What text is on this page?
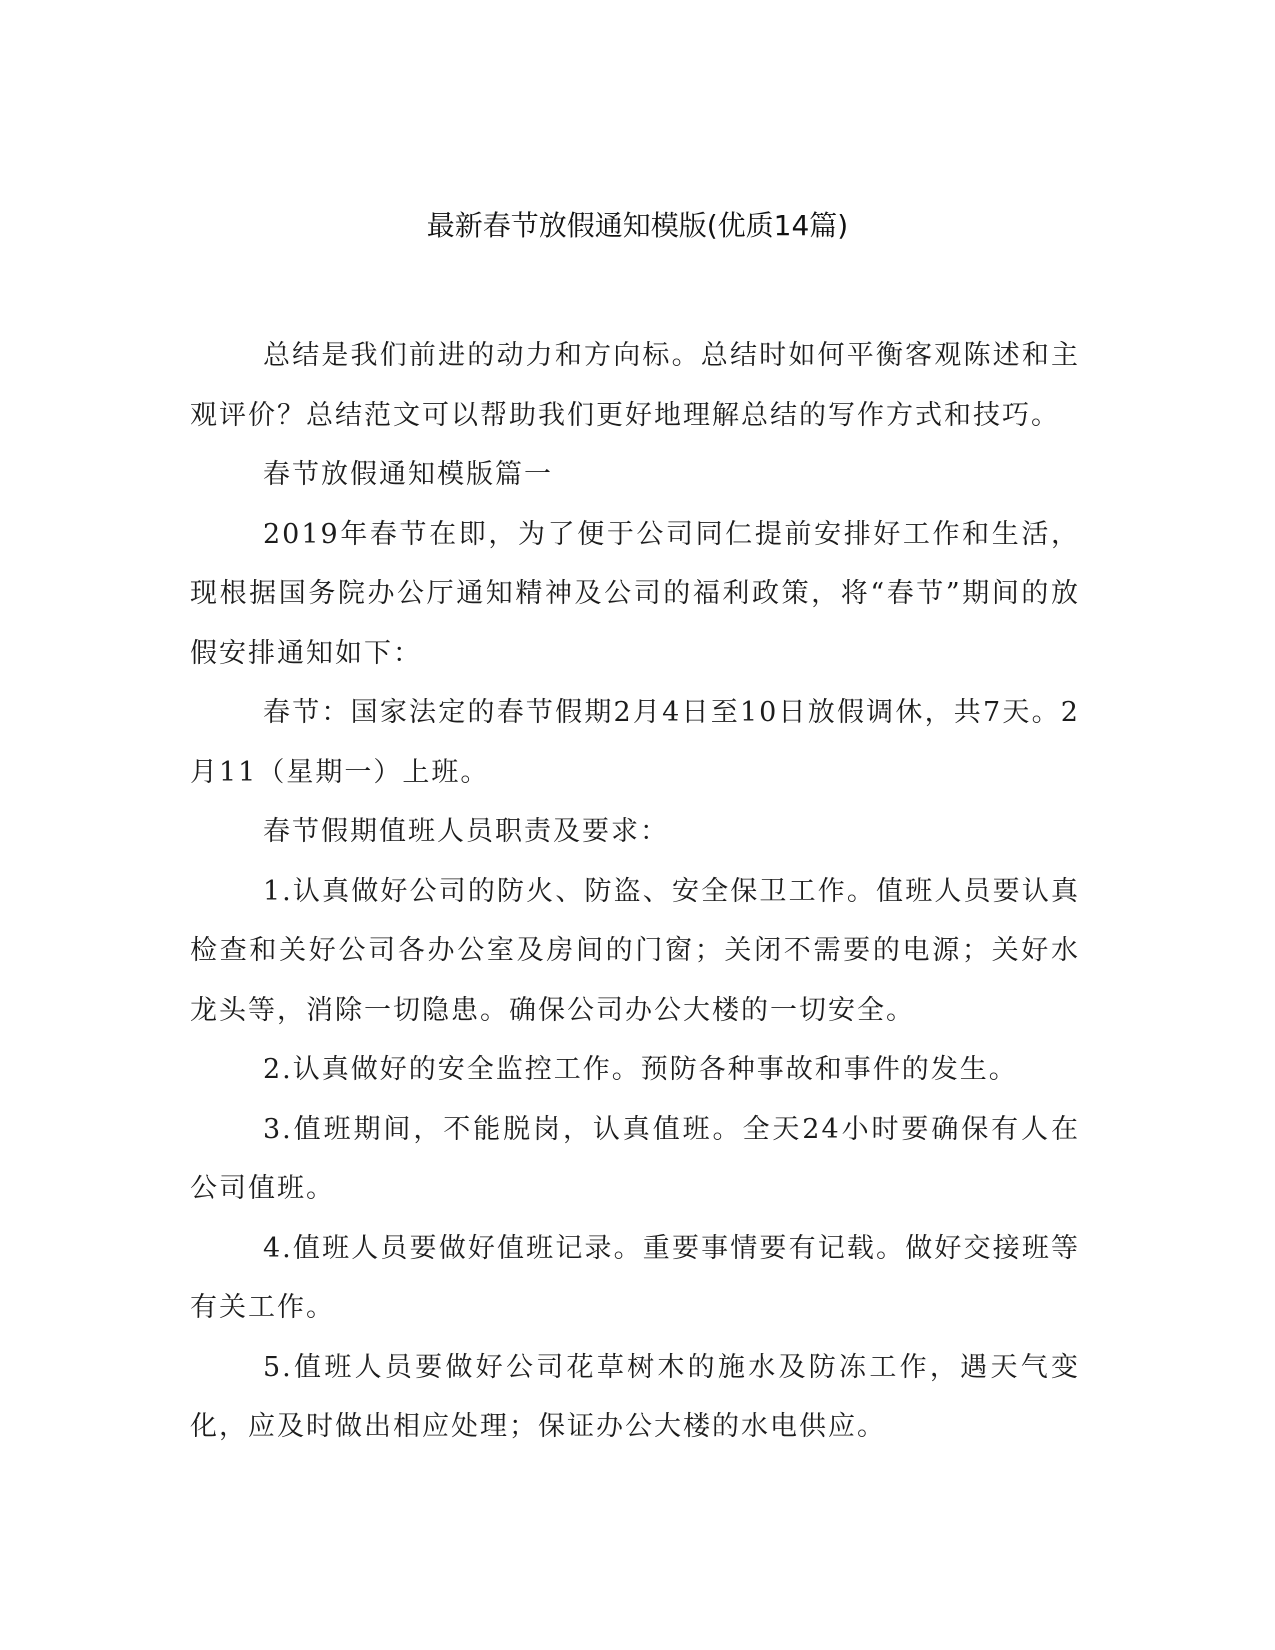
最新春节放假通知模版(优质14篇)

总结是我们前进的动力和方向标。总结时如何平衡客观陈述和主观评价？总结范文可以帮助我们更好地理解总结的写作方式和技巧。

春节放假通知模版篇一

2019年春节在即，为了便于公司同仁提前安排好工作和生活，现根据国务院办公厅通知精神及公司的福利政策，将“春节”期间的放假安排通知如下：

春节：国家法定的春节假期2月4日至10日放假调休，共7天。2月11（星期一）上班。

春节假期值班人员职责及要求：

1.认真做好公司的防火、防盗、安全保卫工作。值班人员要认真检查和关好公司各办公室及房间的门窗；关闭不需要的电源；关好水龙头等，消除一切隐患。确保公司办公大楼的一切安全。

2.认真做好的安全监控工作。预防各种事故和事件的发生。

3.值班期间，不能脱岗，认真值班。全天24小时要确保有人在公司值班。

4.值班人员要做好值班记录。重要事情要有记载。做好交接班等有关工作。

5.值班人员要做好公司花草树木的施水及防冻工作，遇天气变化，应及时做出相应处理；保证办公大楼的水电供应。
